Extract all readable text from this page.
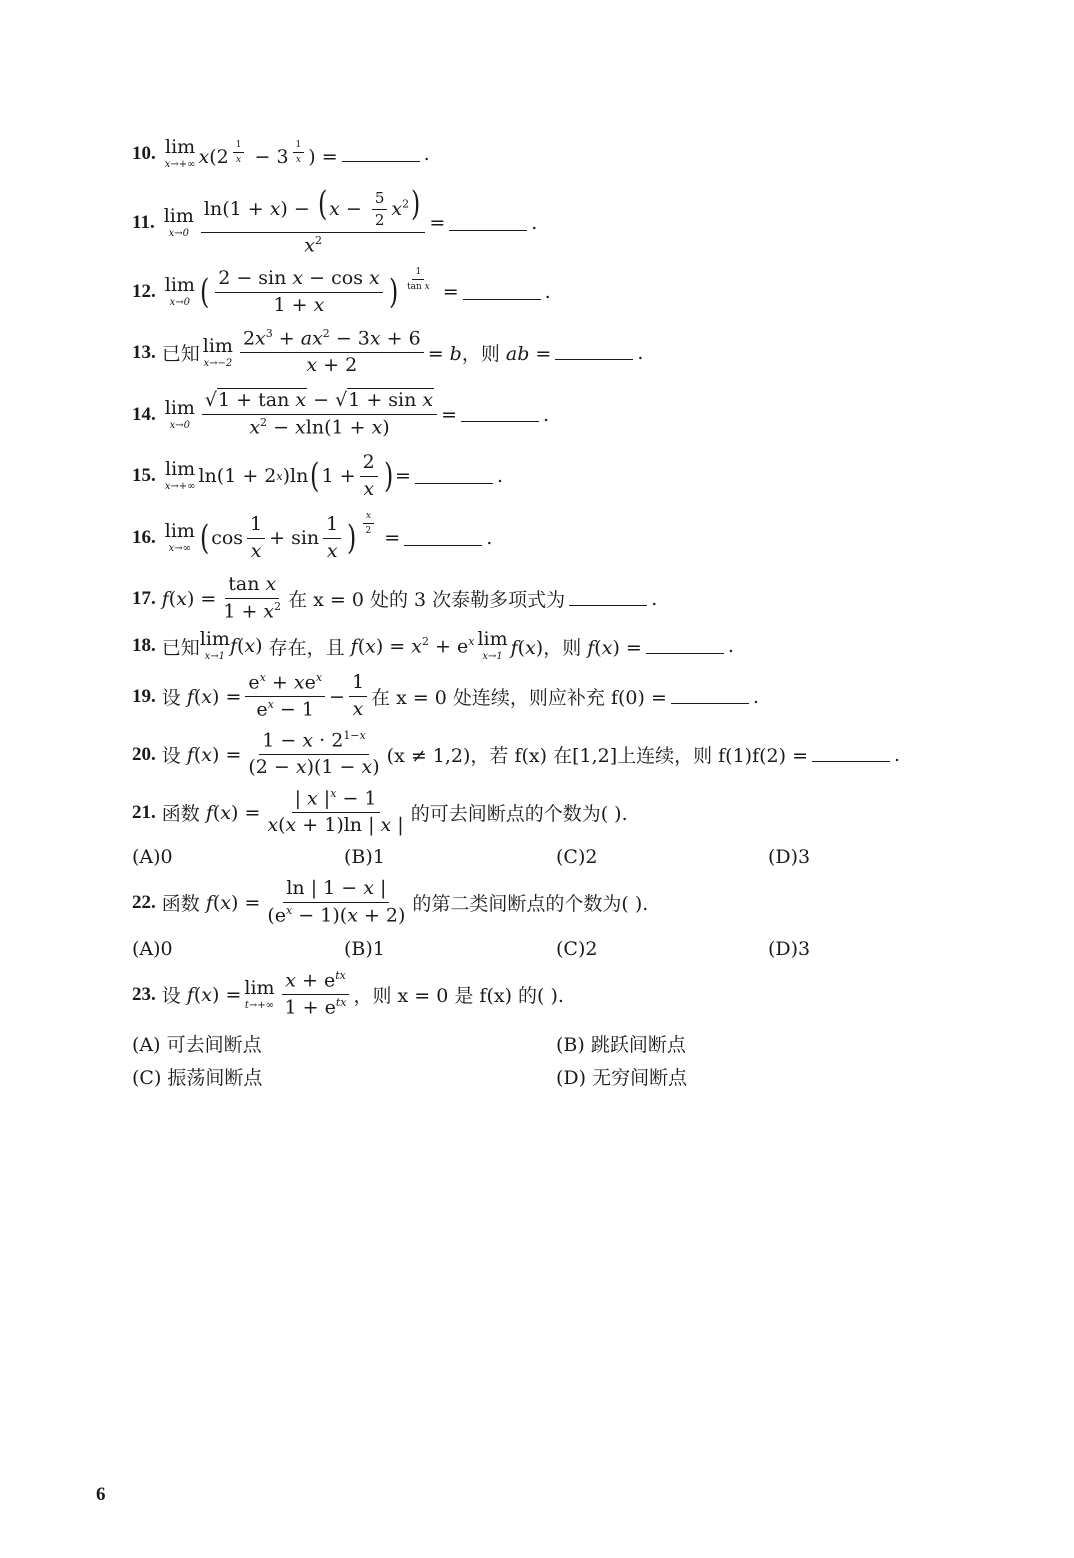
10. lim
x→+∞ x(2 $^{\frac{1}{x}}$ − 3 $^{\frac{1}{x}}$ ) =	.
11. lim
$x\to 0 \frac{\ln(1 + x) - ( x - \frac{5}{2} x^2)}{x^2}$ =	.
12. lim
x→0 ( $\frac{\text{2 − sin x − cos x}}{1 + x}$ ) $^{\frac{1}{\text{tan x}}}$
=	.
13. 已知 lim
$x\to-2 \frac{2x^3 + ax^2 - 3x + 6}{x + 2} = b$，则 ab =	.
14. lim
$x\to 0 \frac{\text{√1 + tan x − √1 + sin x}}{x^2 - xln(1 + x)}$ =	.
15. lim
x→+∞ ln(1 + 2 x )ln ( $1 + \frac{2}{x}$ ) =	.
16. lim
x→∞ ( $\cos \frac{1}{x} + \sin \frac{1}{x}$ ) $^{\frac{x}{2}}$
=	.
17. f ( x ) = $\frac{\text{tan x}}{1 + x^2}$ 在 x = 0 处的 3 次泰勒多项式为	.
18. 已知 lim
x→1 f(x) 存在，且 $f(x) = x^2 + e^x$ lim
x→1 f(x)，则 f(x) =	.
19. 设
f ( x ) = $\frac{e^x + xe^x}{e^x - 1} - \frac{1}{x}$ 在 x = 0 处连续，则应补充 f(0) =	.
20. 设
f ( x ) = $\frac{1 - x \cdot 2^{1-x}}{(2 - x)(1 - x)} (x \ne 1,2)$，若 f(x) 在[1,2]上连续，则 f(1)f(2) =	.
21. 函数
f ( x ) = $\frac{| x |^x - 1}{x(x + 1)\ln | x |}$ 的可去间断点的个数为( ).
(A)0	(B)1	(C)2	(D)3
22. 函数
f ( x ) = $\frac{\ln | 1 - x |}{(e^x - 1)(x + 2)}$ 的第二类间断点的个数为( ).
(A)0	(B)1	(C)2	(D)3
23. 设
f ( x ) = lim
$t\to+\infty \frac{x + e^{tx}}{1 + e^{tx}}$ ，则 x = 0 是 f(x) 的( ).
(A) 可去间断点	(B) 跳跃间断点
(C) 振荡间断点	(D) 无穷间断点
6
